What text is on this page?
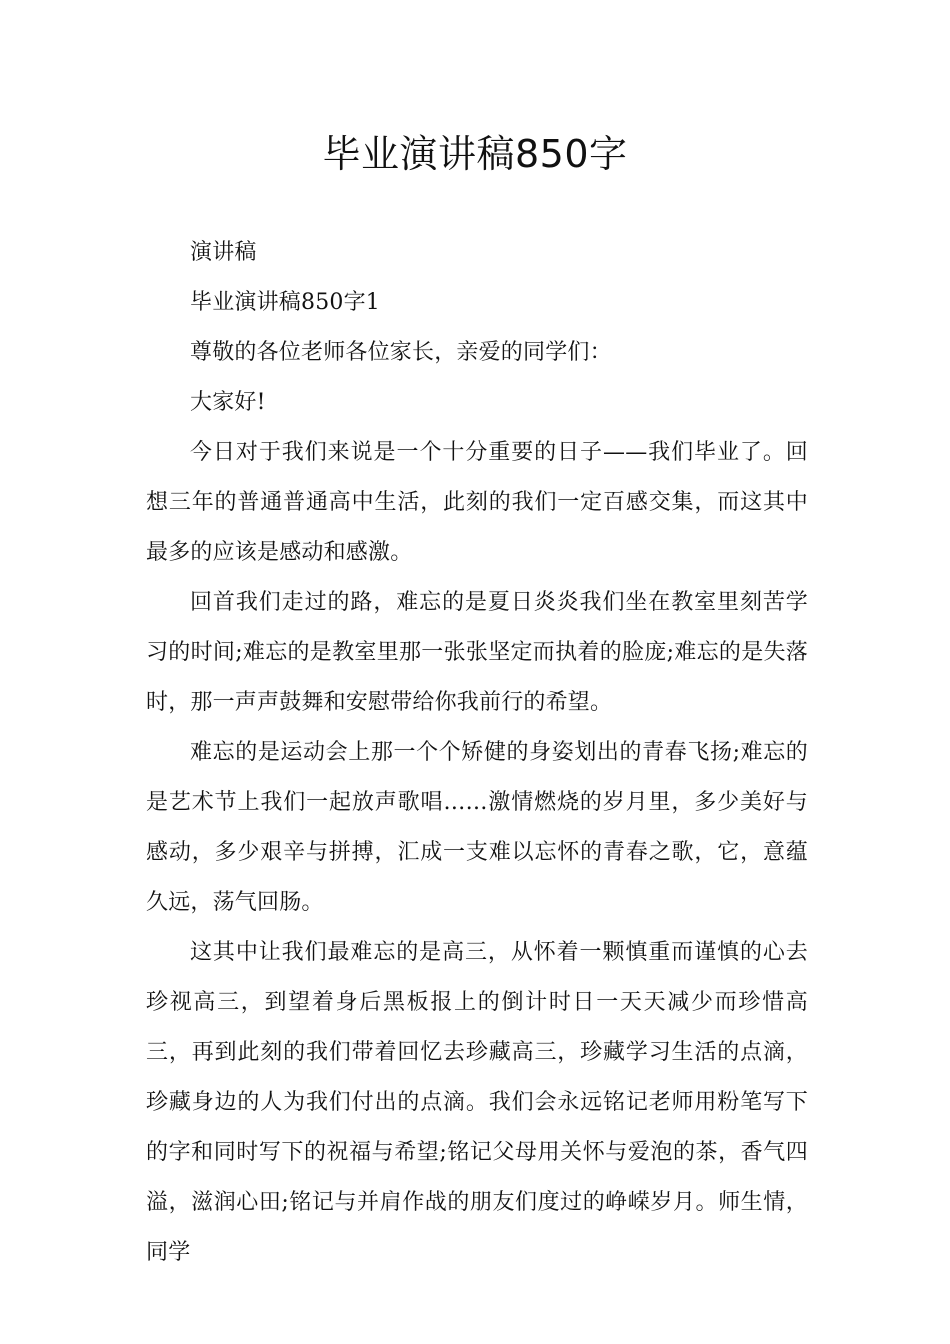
毕业演讲稿850字

演讲稿

毕业演讲稿850字1

尊敬的各位老师各位家长，亲爱的同学们：

大家好!

今日对于我们来说是一个十分重要的日子——我们毕业了。回想三年的普通普通高中生活，此刻的我们一定百感交集，而这其中最多的应该是感动和感激。

回首我们走过的路，难忘的是夏日炎炎我们坐在教室里刻苦学习的时间;难忘的是教室里那一张张坚定而执着的脸庞;难忘的是失落时，那一声声鼓舞和安慰带给你我前行的希望。

难忘的是运动会上那一个个矫健的身姿划出的青春飞扬;难忘的是艺术节上我们一起放声歌唱……激情燃烧的岁月里，多少美好与感动，多少艰辛与拼搏，汇成一支难以忘怀的青春之歌，它，意蕴久远，荡气回肠。

这其中让我们最难忘的是高三，从怀着一颗慎重而谨慎的心去珍视高三，到望着身后黑板报上的倒计时日一天天减少而珍惜高三，再到此刻的我们带着回忆去珍藏高三，珍藏学习生活的点滴，珍藏身边的人为我们付出的点滴。我们会永远铭记老师用粉笔写下的字和同时写下的祝福与希望;铭记父母用关怀与爱泡的茶，香气四溢，滋润心田;铭记与并肩作战的朋友们度过的峥嵘岁月。师生情，同学
